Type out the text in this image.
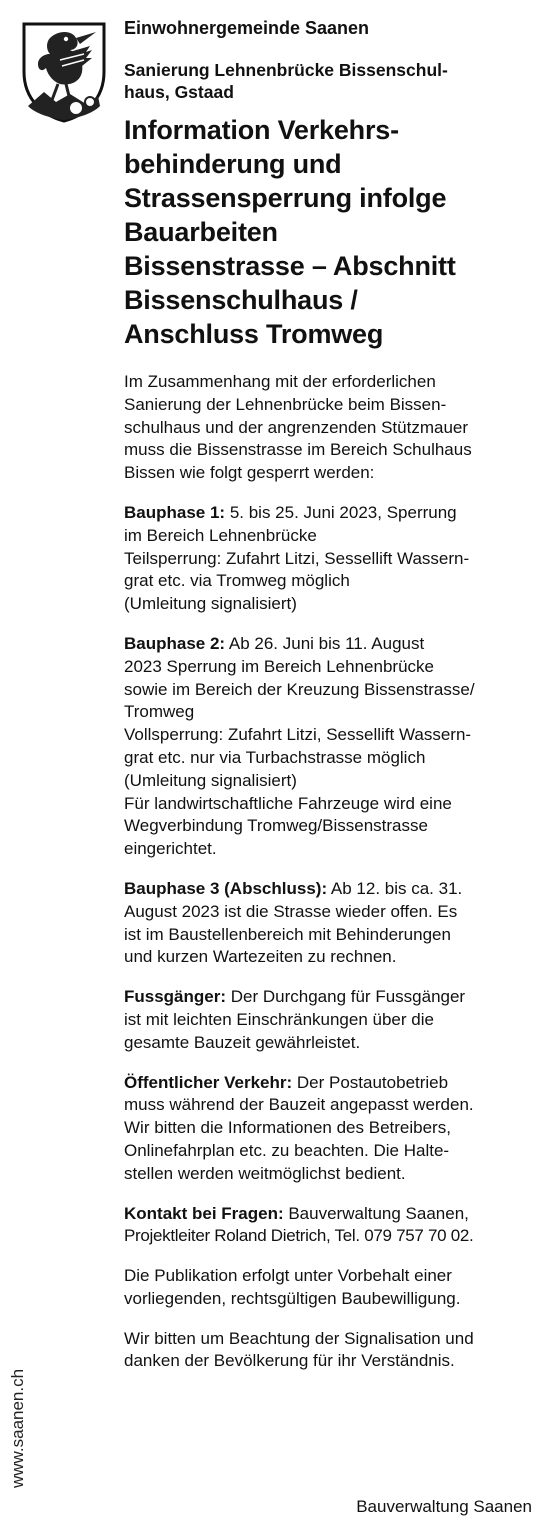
www.saanen.ch
Einwohnergemeinde Saanen
Sanierung Lehnenbrücke Bissenschul-
haus, Gstaad
Information Verkehrs-
behinderung und
Strassensperrung infolge
Bauarbeiten
Bissenstrasse – Abschnitt
Bissenschulhaus /
Anschluss Tromweg
Im Zusammenhang mit der erforderlichen
Sanierung der Lehnenbrücke beim Bissen-
schulhaus und der angrenzenden Stützmauer
muss die Bissenstrasse im Bereich Schulhaus
Bissen wie folgt gesperrt werden:
Bauphase 1: 5. bis 25. Juni 2023, Sperrung
im Bereich Lehnenbrücke
Teilsperrung: Zufahrt Litzi, Sessellift Wassern-
grat etc. via Tromweg möglich
(Umleitung signalisiert)
Bauphase 2: Ab 26. Juni bis 11. August
2023 Sperrung im Bereich Lehnenbrücke
sowie im Bereich der Kreuzung Bissenstrasse/
Tromweg
Vollsperrung: Zufahrt Litzi, Sessellift Wassern-
grat etc. nur via Turbachstrasse möglich
(Umleitung signalisiert)
Für landwirtschaftliche Fahrzeuge wird eine
Wegverbindung Tromweg/Bissenstrasse
eingerichtet.
Bauphase 3 (Abschluss): Ab 12. bis ca. 31.
August 2023 ist die Strasse wieder offen. Es
ist im Baustellenbereich mit Behinderungen
und kurzen Wartezeiten zu rechnen.
Fussgänger: Der Durchgang für Fussgänger
ist mit leichten Einschränkungen über die
gesamte Bauzeit gewährleistet.
Öffentlicher Verkehr: Der Postautobetrieb
muss während der Bauzeit angepasst werden.
Wir bitten die Informationen des Betreibers,
Onlinefahrplan etc. zu beachten. Die Halte-
stellen werden weitmöglichst bedient.
Kontakt bei Fragen: Bauverwaltung Saanen,
Projektleiter Roland Dietrich, Tel. 079 757 70 02.
Die Publikation erfolgt unter Vorbehalt einer
vorliegenden, rechtsgültigen Baubewilligung.
Wir bitten um Beachtung der Signalisation und
danken der Bevölkerung für ihr Verständnis.
Bauverwaltung Saanen
